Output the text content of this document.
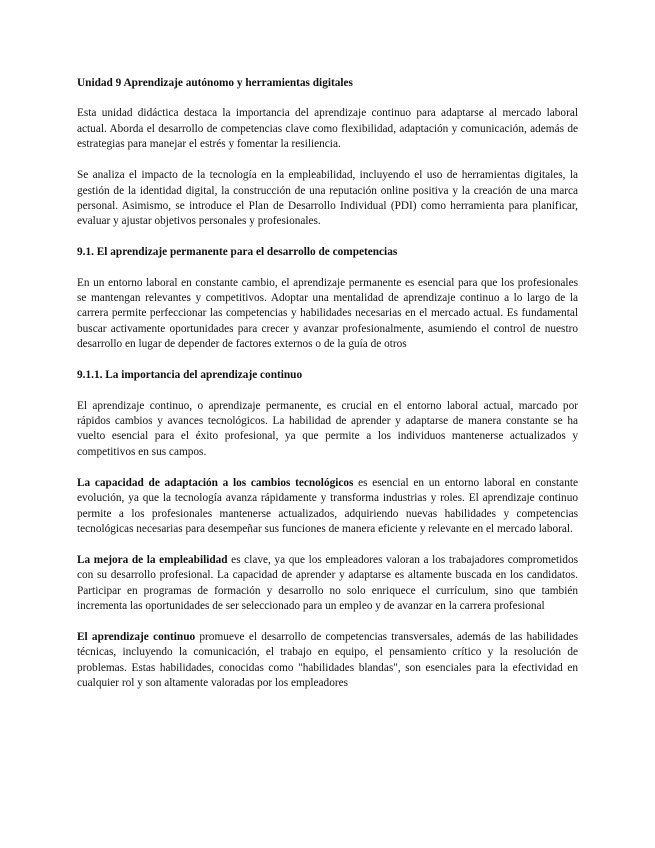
Unidad 9 Aprendizaje autónomo y herramientas digitales

Esta unidad didáctica destaca la importancia del aprendizaje continuo para adaptarse al mercado laboral actual. Aborda el desarrollo de competencias clave como flexibilidad, adaptación y comunicación, además de estrategias para manejar el estrés y fomentar la resiliencia.

Se analiza el impacto de la tecnología en la empleabilidad, incluyendo el uso de herramientas digitales, la gestión de la identidad digital, la construcción de una reputación online positiva y la creación de una marca personal. Asimismo, se introduce el Plan de Desarrollo Individual (PDI) como herramienta para planificar, evaluar y ajustar objetivos personales y profesionales.

9.1. El aprendizaje permanente para el desarrollo de competencias

En un entorno laboral en constante cambio, el aprendizaje permanente es esencial para que los profesionales se mantengan relevantes y competitivos. Adoptar una mentalidad de aprendizaje continuo a lo largo de la carrera permite perfeccionar las competencias y habilidades necesarias en el mercado actual. Es fundamental buscar activamente oportunidades para crecer y avanzar profesionalmente, asumiendo el control de nuestro desarrollo en lugar de depender de factores externos o de la guía de otros

9.1.1. La importancia del aprendizaje continuo

El aprendizaje continuo, o aprendizaje permanente, es crucial en el entorno laboral actual, marcado por rápidos cambios y avances tecnológicos. La habilidad de aprender y adaptarse de manera constante se ha vuelto esencial para el éxito profesional, ya que permite a los individuos mantenerse actualizados y competitivos en sus campos.

La capacidad de adaptación a los cambios tecnológicos es esencial en un entorno laboral en constante evolución, ya que la tecnología avanza rápidamente y transforma industrias y roles. El aprendizaje continuo permite a los profesionales mantenerse actualizados, adquiriendo nuevas habilidades y competencias tecnológicas necesarias para desempeñar sus funciones de manera eficiente y relevante en el mercado laboral.

La mejora de la empleabilidad es clave, ya que los empleadores valoran a los trabajadores comprometidos con su desarrollo profesional. La capacidad de aprender y adaptarse es altamente buscada en los candidatos. Participar en programas de formación y desarrollo no solo enriquece el currículum, sino que también incrementa las oportunidades de ser seleccionado para un empleo y de avanzar en la carrera profesional

El aprendizaje continuo promueve el desarrollo de competencias transversales, además de las habilidades técnicas, incluyendo la comunicación, el trabajo en equipo, el pensamiento crítico y la resolución de problemas. Estas habilidades, conocidas como "habilidades blandas", son esenciales para la efectividad en cualquier rol y son altamente valoradas por los empleadores
